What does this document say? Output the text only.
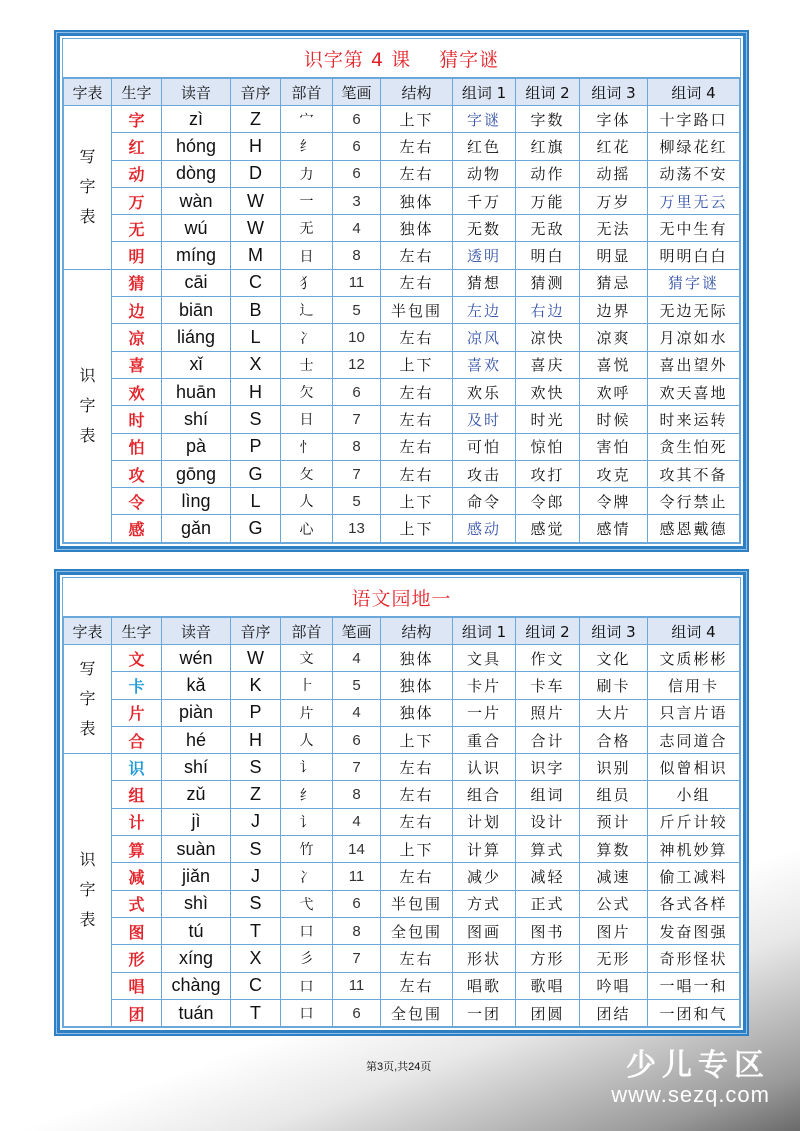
识字第 4 课 猜字谜
字表	生字	读音	音序	部首	笔画	结构	组词 1	组词 2	组词 3	组词 4

写
字
表	字	zì	Z	宀	6	上下	字谜	字数	字体	十字路口
	红	hóng	H	纟	6	左右	红色	红旗	红花	柳绿花红
	动	dòng	D	力	6	左右	动物	动作	动摇	动荡不安
	万	wàn	W	一	3	独体	千万	万能	万岁	万里无云
	无	wú	W	无	4	独体	无数	无敌	无法	无中生有
	明	míng	M	日	8	左右	透明	明白	明显	明明白白

识
字
表	猜	cāi	C	犭	11	左右	猜想	猜测	猜忌	猜字谜
	边	biān	B	辶	5	半包围	左边	右边	边界	无边无际
	凉	liáng	L	冫	10	左右	凉风	凉快	凉爽	月凉如水
	喜	xǐ	X	士	12	上下	喜欢	喜庆	喜悦	喜出望外
	欢	huān	H	欠	6	左右	欢乐	欢快	欢呼	欢天喜地
	时	shí	S	日	7	左右	及时	时光	时候	时来运转
	怕	pà	P	忄	8	左右	可怕	惊怕	害怕	贪生怕死
	攻	gōng	G	攵	7	左右	攻击	攻打	攻克	攻其不备
	令	lìng	L	人	5	上下	命令	令郎	令牌	令行禁止
	感	gǎn	G	心	13	上下	感动	感觉	感情	感恩戴德
语文园地一
字表	生字	读音	音序	部首	笔画	结构	组词 1	组词 2	组词 3	组词 4

写
字
表	文	wén	W	文	4	独体	文具	作文	文化	文质彬彬
	卡	kǎ	K	⺊	5	独体	卡片	卡车	刷卡	信用卡
	片	piàn	P	片	4	独体	一片	照片	大片	只言片语
	合	hé	H	人	6	上下	重合	合计	合格	志同道合

识
字
表	识	shí	S	讠	7	左右	认识	识字	识别	似曾相识
	组	zǔ	Z	纟	8	左右	组合	组词	组员	小组
	计	jì	J	讠	4	左右	计划	设计	预计	斤斤计较
	算	suàn	S	竹	14	上下	计算	算式	算数	神机妙算
	减	jiǎn	J	冫	11	左右	减少	减轻	减速	偷工减料
	式	shì	S	弋	6	半包围	方式	正式	公式	各式各样
	图	tú	T	口	8	全包围	图画	图书	图片	发奋图强
	形	xíng	X	彡	7	左右	形状	方形	无形	奇形怪状
	唱	chàng	C	口	11	左右	唱歌	歌唱	吟唱	一唱一和
	团	tuán	T	口	6	全包围	一团	团圆	团结	一团和气
第3页,共24页	少儿专区
www.sezq.com
